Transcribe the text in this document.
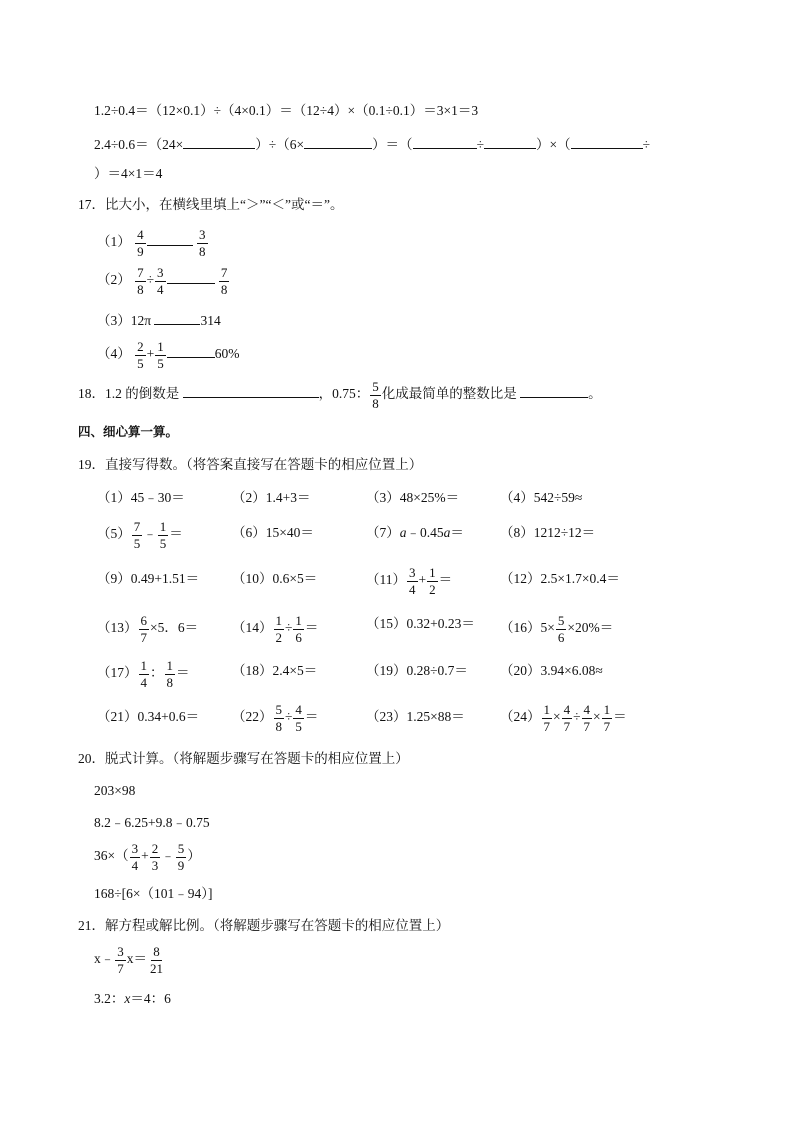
1.2÷0.4＝（12×0.1）÷（4×0.1）＝（12÷4）×（0.1÷0.1）＝3×1＝3
2.4÷0.6＝（24×	）÷（6×	）＝（	÷	）×（	÷
）＝4×1＝4
17．比大小，在横线里填上“＞”“＜”或“＝”。
$(1) \frac{4}{9}$
	$\frac{3}{8}$
$(2) \frac{7}{8} \div \frac{3}{4}$
	$\frac{7}{8}$
（3）12π	314
$(4) \frac{2}{5} + \frac{1}{5}$	60%
18．1.2 的倒数是	，0.75： $\frac{5}{8}$ 化成最简单的整数比是	。
四、细心算一算。
19．直接写得数。（将答案直接写在答题卡的相应位置上）
（1）45﹣30＝	（2）1.4+3＝	（3）48×25%＝	（4）542÷59≈
$(5) \frac{7}{5}$ ﹣ $\frac{1}{5}$ ＝	（6）15×40＝	（7）a﹣0.45a＝	（8）1212÷12＝
（9）0.49+1.51＝ （10）0.6×5＝	$(11) \frac{3}{4} + \frac{1}{2}$ ＝	（12）2.5×1.7×0.4＝
$(13) \frac{6}{7} \times 5$．6＝	$(14) \frac{1}{2} \div \frac{1}{6}$ ＝	$(15)0.32+0.23= (16)5\times \frac{5}{6} \times 20\%=$
$(17) \frac{1}{4}$ ： $\frac{1}{8}$ ＝	（18）2.4×5＝	（19）0.28÷0.7＝ （20）3.94×6.08≈
$(21)0.34+0.6= (22) \frac{5}{8} \div \frac{4}{5}$ ＝	（23）1.25×88＝	$(24) \frac{1}{7} \times \frac{4}{7} \div \frac{4}{7} \times \frac{1}{7}$ ＝
20．脱式计算。（将解题步骤写在答题卡的相应位置上）
203×98
8.2﹣6.25+9.8﹣0.75
$36\times( \frac{3}{4} + \frac{2}{3}$ ﹣ $\frac{5}{9}$ ）
168÷[6×（101﹣94）]
21．解方程或解比例。（将解题步骤写在答题卡的相应位置上）
x﹣ $\frac{3}{7} x= \frac{8}{21}$
3.2：x＝4：6
